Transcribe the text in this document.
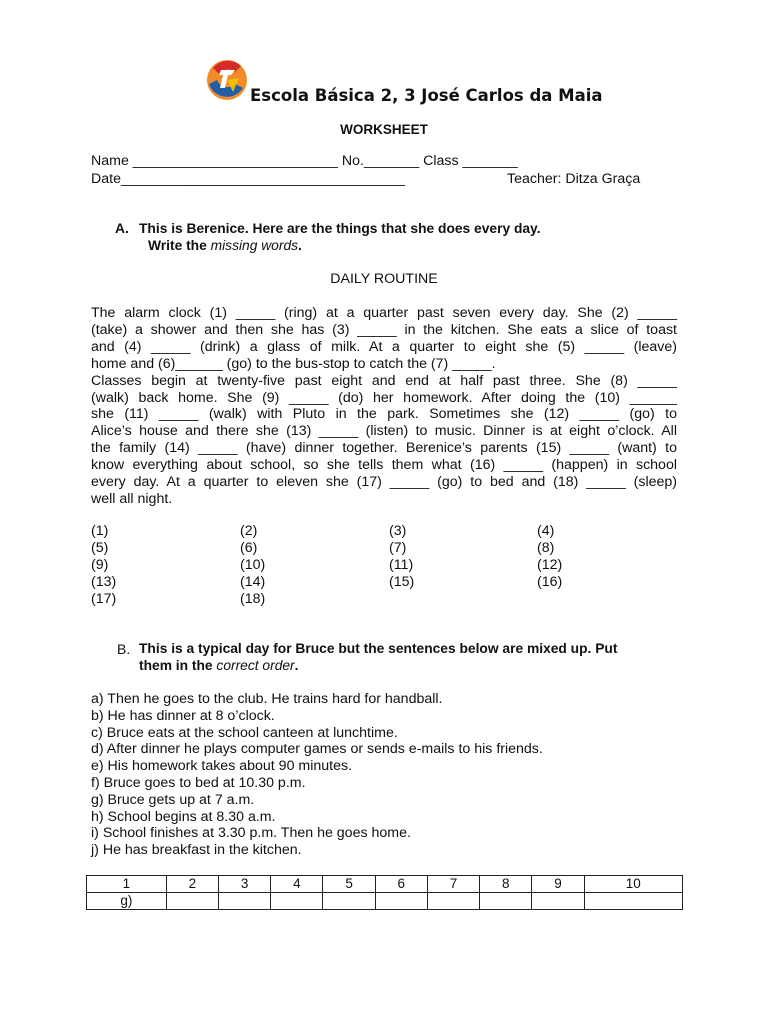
Escola Básica 2, 3 José Carlos da Maia
WORKSHEET
Name __________________________ No._______ Class _______
Date____________________________________	Teacher: Ditza Graça
A. This is Berenice. Here are the things that she does every day.
Write the missing words.
DAILY ROUTINE
The alarm clock (1) _____ (ring) at a quarter past seven every day. She (2) _____
(take) a shower and then she has (3) _____ in the kitchen. She eats a slice of toast
and (4) _____ (drink) a glass of milk. At a quarter to eight she (5) _____ (leave)
home and (6)______ (go) to the bus-stop to catch the (7) _____.
Classes begin at twenty-five past eight and end at half past three. She (8) _____
(walk) back home. She (9) _____ (do) her homework. After doing the (10) ______
she (11) _____ (walk) with Pluto in the park. Sometimes she (12) _____ (go) to
Alice’s house and there she (13) _____ (listen) to music. Dinner is at eight o’clock. All
the family (14) _____ (have) dinner together. Berenice’s parents (15) _____ (want) to
know everything about school, so she tells them what (16) _____ (happen) in school
every day. At a quarter to eleven she (17) _____ (go) to bed and (18) _____ (sleep)
well all night.
(1)	(2)	(3)	(4)
(5)	(6)	(7)	(8)
(9)	(10)	(11)	(12)
(13)	(14)	(15)	(16)
(17)	(18)
B. This is a typical day for Bruce but the sentences below are mixed up. Put
them in the correct order.
a) Then he goes to the club. He trains hard for handball.
b) He has dinner at 8 o’clock.
c) Bruce eats at the school canteen at lunchtime.
d) After dinner he plays computer games or sends e-mails to his friends.
e) His homework takes about 90 minutes.
f) Bruce goes to bed at 10.30 p.m.
g) Bruce gets up at 7 a.m.
h) School begins at 8.30 a.m.
i) School finishes at 3.30 p.m. Then he goes home.
j) He has breakfast in the kitchen.
1	2	3	4	5	6	7	8	9	10
g)									
